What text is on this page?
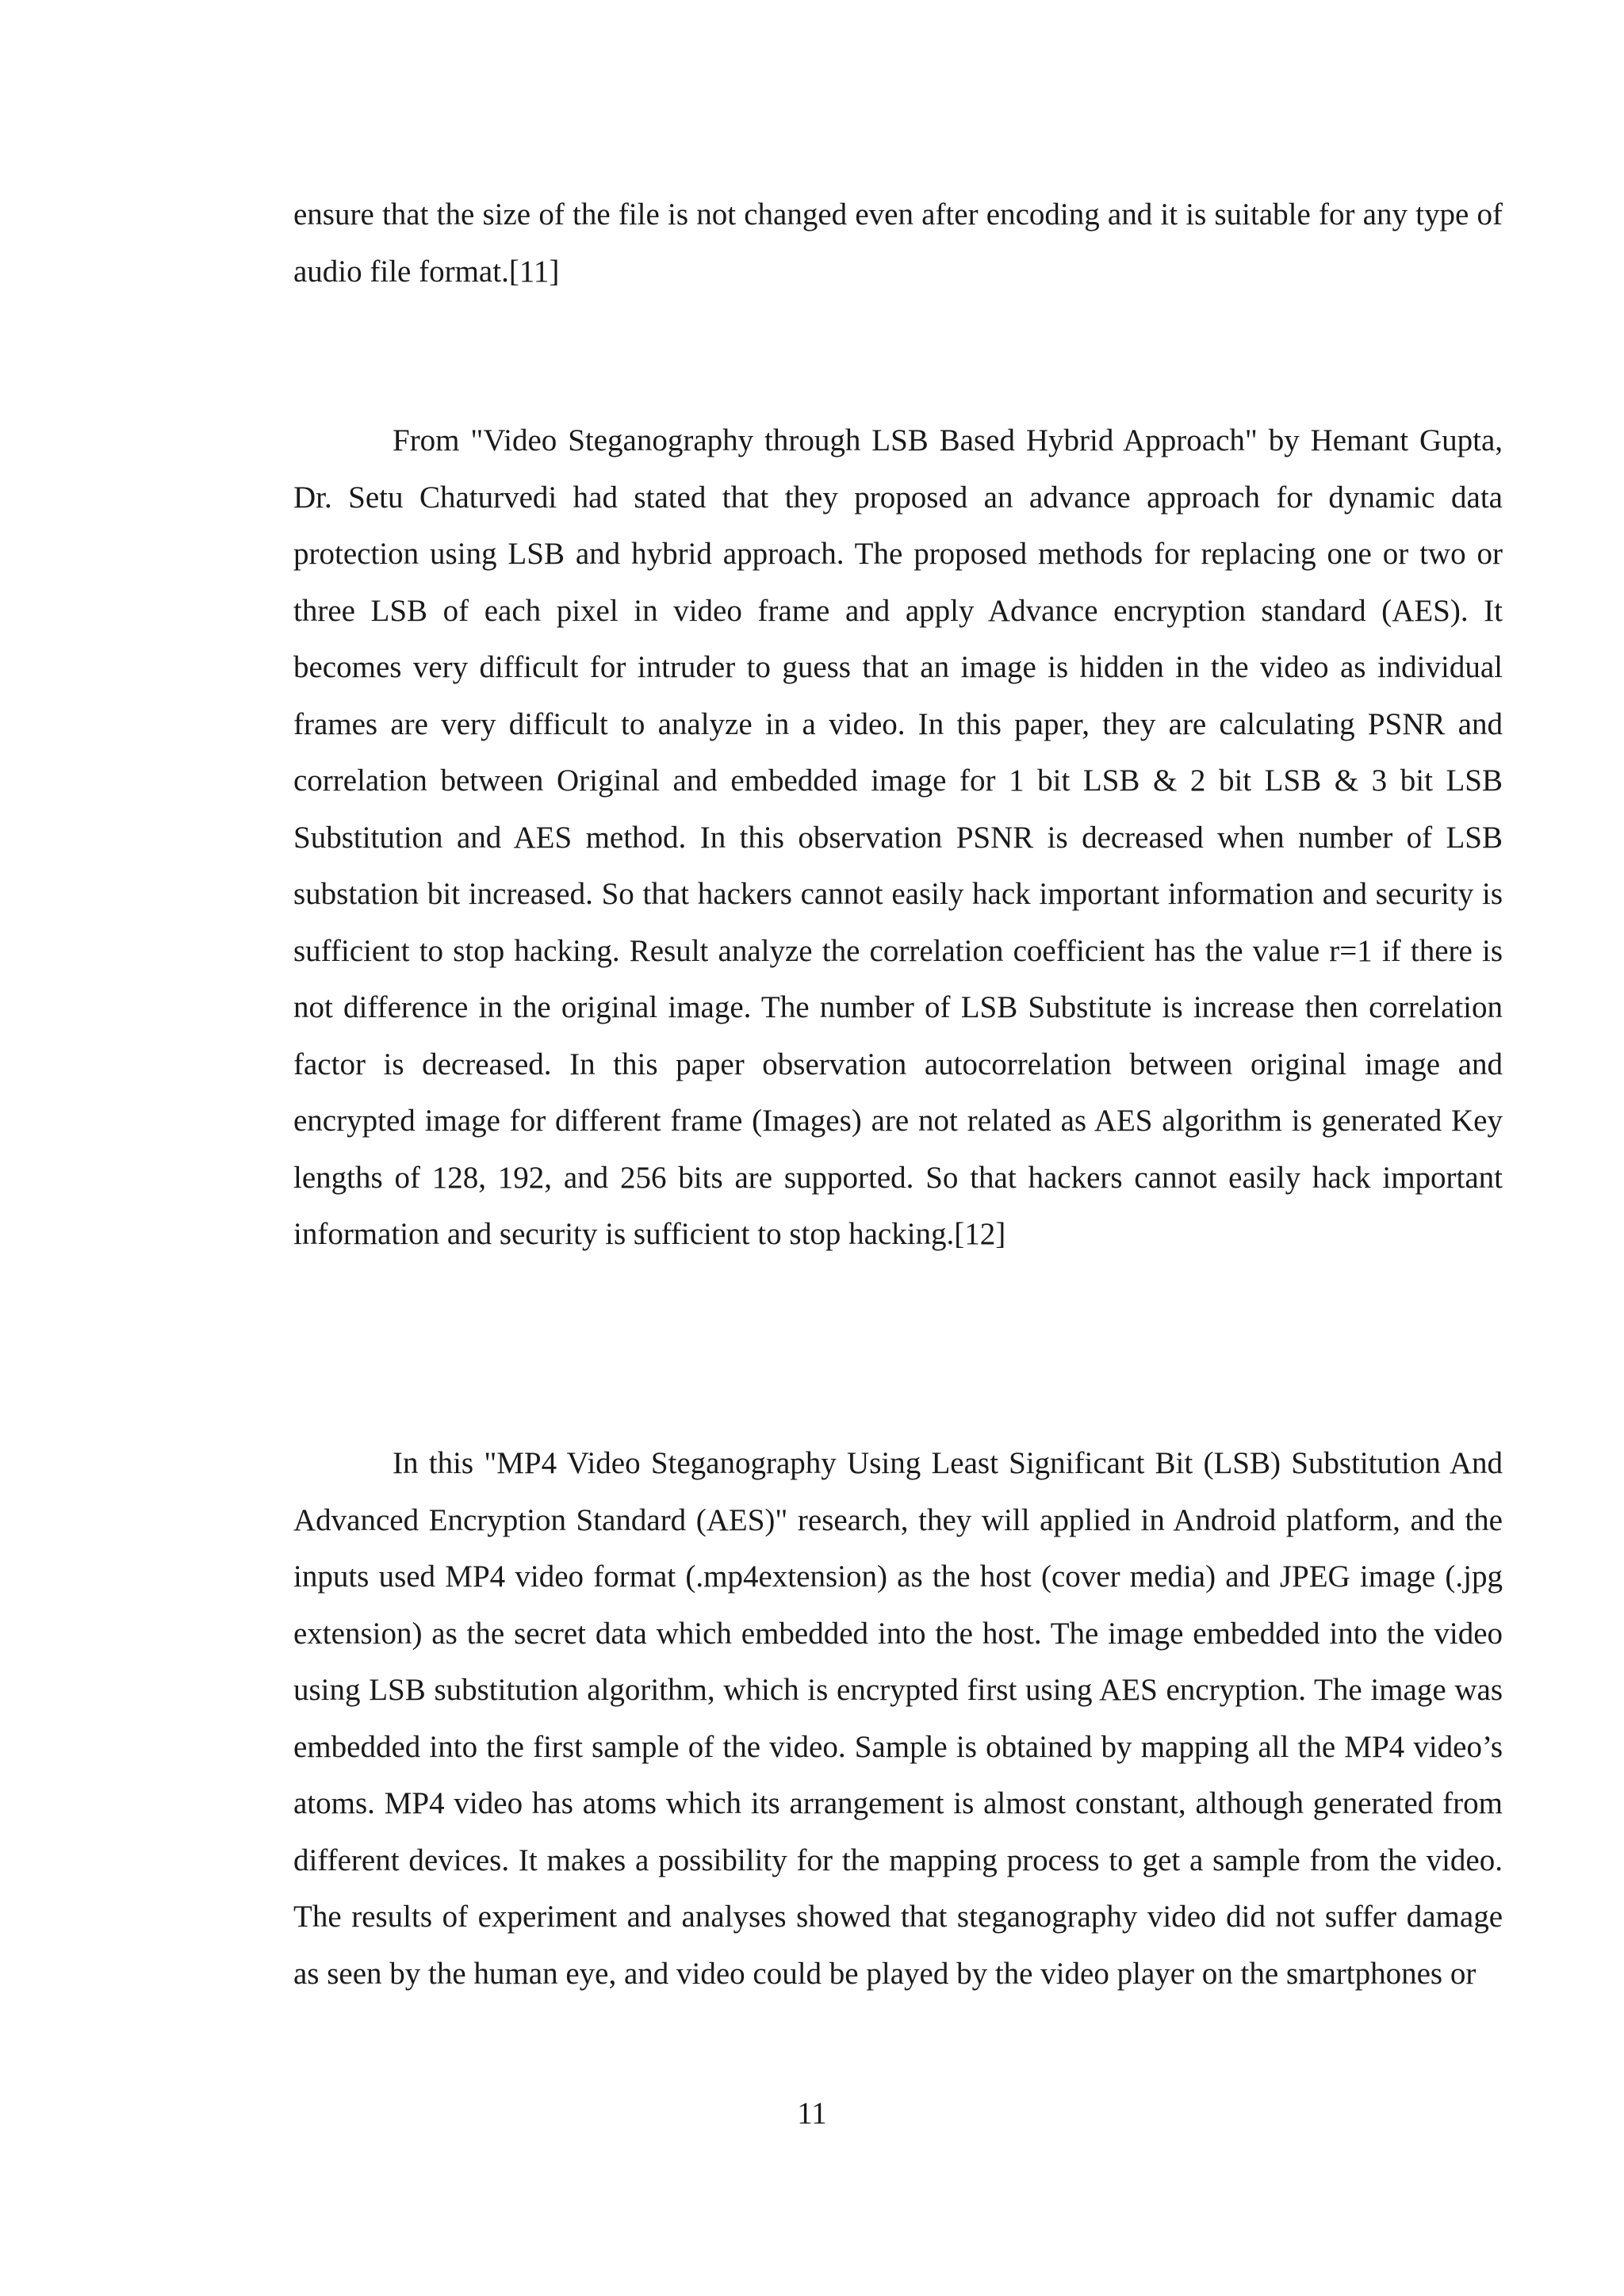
ensure that the size of the file is not changed even after encoding and it is suitable for any type of audio file format.[11]

From "Video Steganography through LSB Based Hybrid Approach" by Hemant Gupta, Dr. Setu Chaturvedi had stated that they proposed an advance approach for dynamic data protection using LSB and hybrid approach. The proposed methods for replacing one or two or three LSB of each pixel in video frame and apply Advance encryption standard (AES). It becomes very difficult for intruder to guess that an image is hidden in the video as individual frames are very difficult to analyze in a video. In this paper, they are calculating PSNR and correlation between Original and embedded image for 1 bit LSB & 2 bit LSB & 3 bit LSB Substitution and AES method. In this observation PSNR is decreased when number of LSB substation bit increased. So that hackers cannot easily hack important information and security is sufficient to stop hacking. Result analyze the correlation coefficient has the value r=1 if there is not difference in the original image. The number of LSB Substitute is increase then correlation factor is decreased. In this paper observation autocorrelation between original image and encrypted image for different frame (Images) are not related as AES algorithm is generated Key lengths of 128, 192, and 256 bits are supported. So that hackers cannot easily hack important information and security is sufficient to stop hacking.[12]

In this "MP4 Video Steganography Using Least Significant Bit (LSB) Substitution And Advanced Encryption Standard (AES)" research, they will applied in Android platform, and the inputs used MP4 video format (.mp4extension) as the host (cover media) and JPEG image (.jpg extension) as the secret data which embedded into the host. The image embedded into the video using LSB substitution algorithm, which is encrypted first using AES encryption. The image was embedded into the first sample of the video. Sample is obtained by mapping all the MP4 video’s atoms. MP4 video has atoms which its arrangement is almost constant, although generated from different devices. It makes a possibility for the mapping process to get a sample from the video. The results of experiment and analyses showed that steganography video did not suffer damage as seen by the human eye, and video could be played by the video player on the smartphones or

11
